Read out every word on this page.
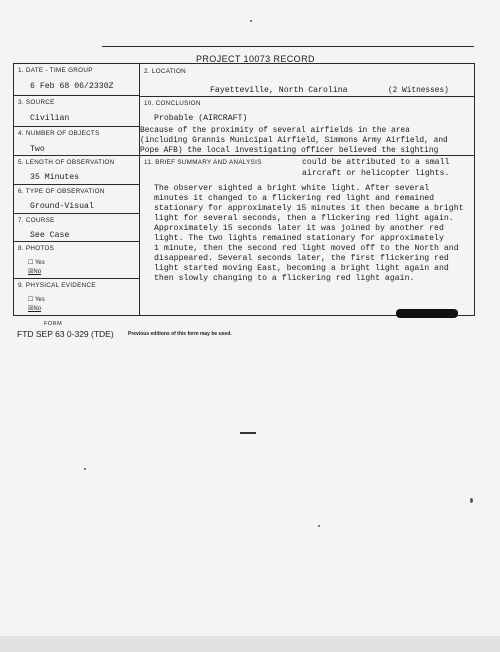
PROJECT 10073 RECORD
1. DATE - TIME GROUP
6 Feb 68 06/2330Z
3. SOURCE
Civilian
4. NUMBER OF OBJECTS
Two
5. LENGTH OF OBSERVATION
35 Minutes
6. TYPE OF OBSERVATION
Ground-Visual
7. COURSE
See Case
8. PHOTOS
☐ Yes
☒No
9. PHYSICAL EVIDENCE
☐ Yes
☒No
2. LOCATION
Fayetteville, North Carolina	(2 Witnesses)
10. CONCLUSION
Probable (AIRCRAFT)
Because of the proximity of several airfields in the area
(including Grannis Municipal Airfield, Simmons Army Airfield, and
Pope AFB) the local investigating officer believed the sighting
11. BRIEF SUMMARY AND ANALYSIS	could be attributed to a small
aircraft or helicopter lights.
The observer sighted a bright white light. After several
minutes it changed to a flickering red light and remained
stationary for approximately 15 minutes it then became a bright
light for several seconds, then a flickering red light again.
Approximately 15 seconds later it was joined by another red
light. The two lights remained stationary for approximately
1 minute, then the second red light moved off to the North and
disappeared. Several seconds later, the first flickering red
light started moving East, becoming a bright light again and
then slowly changing to a flickering red light again.
FORM
FTD SEP 63 0-329 (TDE)	Previous editions of this form may be used.
